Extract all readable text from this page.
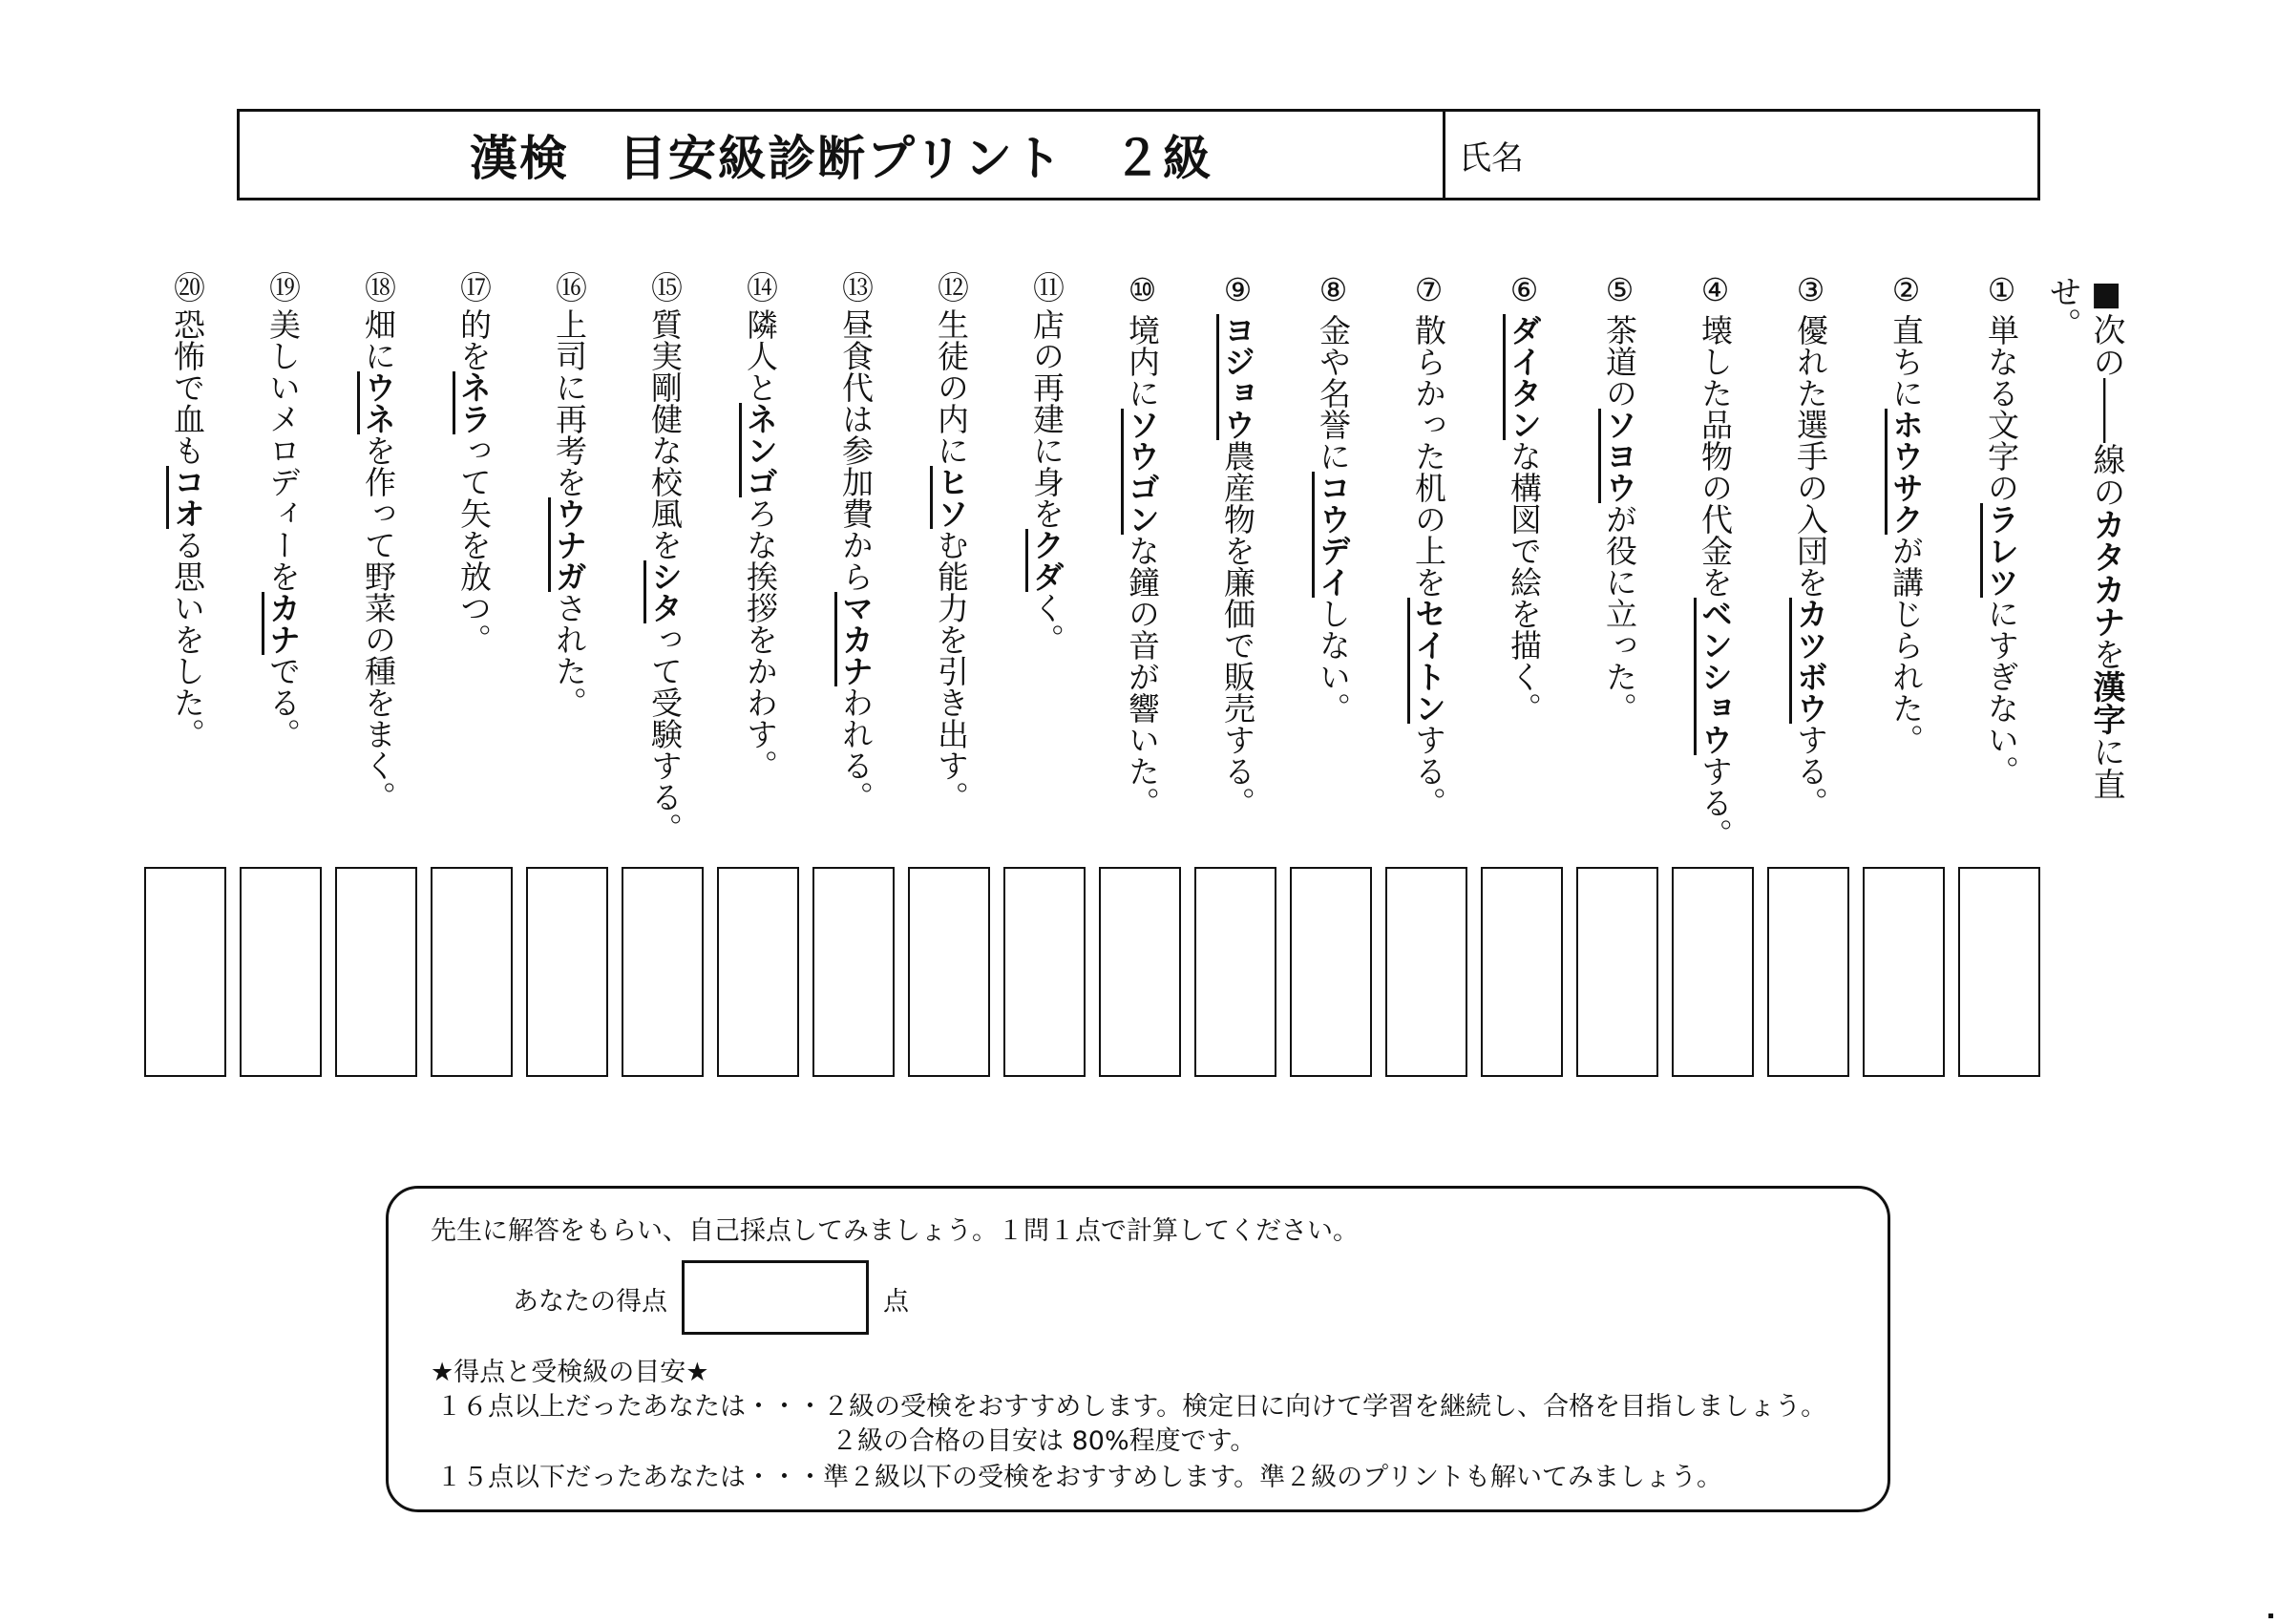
漢検　目安級診断プリント　２級	氏名
■次の――線のカタカナを漢字に直せ。
①単なる文字のラレツにすぎない。
②直ちにホウサクが講じられた。
③優れた選手の入団をカツボウする。
④壊した品物の代金をベンショウする。
⑤茶道のソヨウが役に立った。
⑥ダイタンな構図で絵を描く。
⑦散らかった机の上をセイトンする。
⑧金や名誉にコウデイしない。
⑨ヨジョウ農産物を廉価で販売する。
⑩境内にソウゴンな鐘の音が響いた。
⑪店の再建に身をクダく。
⑫生徒の内にヒソむ能力を引き出す。
⑬昼食代は参加費からマカナわれる。
⑭隣人とネンゴろな挨拶をかわす。
⑮質実剛健な校風をシタって受験する。
⑯上司に再考をウナガされた。
⑰的をネラって矢を放つ。
⑱畑にウネを作って野菜の種をまく。
⑲美しいメロディーをカナでる。
⑳恐怖で血もコオる思いをした。
先生に解答をもらい、自己採点してみましょう。１問１点で計算してください。
あなたの得点	点
★得点と受検級の目安★
１６点以上だったあなたは・・・２級の受検をおすすめします。検定日に向けて学習を継続し、合格を目指しましょう。
２級の合格の目安は 80%程度です。
１５点以下だったあなたは・・・準２級以下の受検をおすすめします。準２級のプリントも解いてみましょう。
